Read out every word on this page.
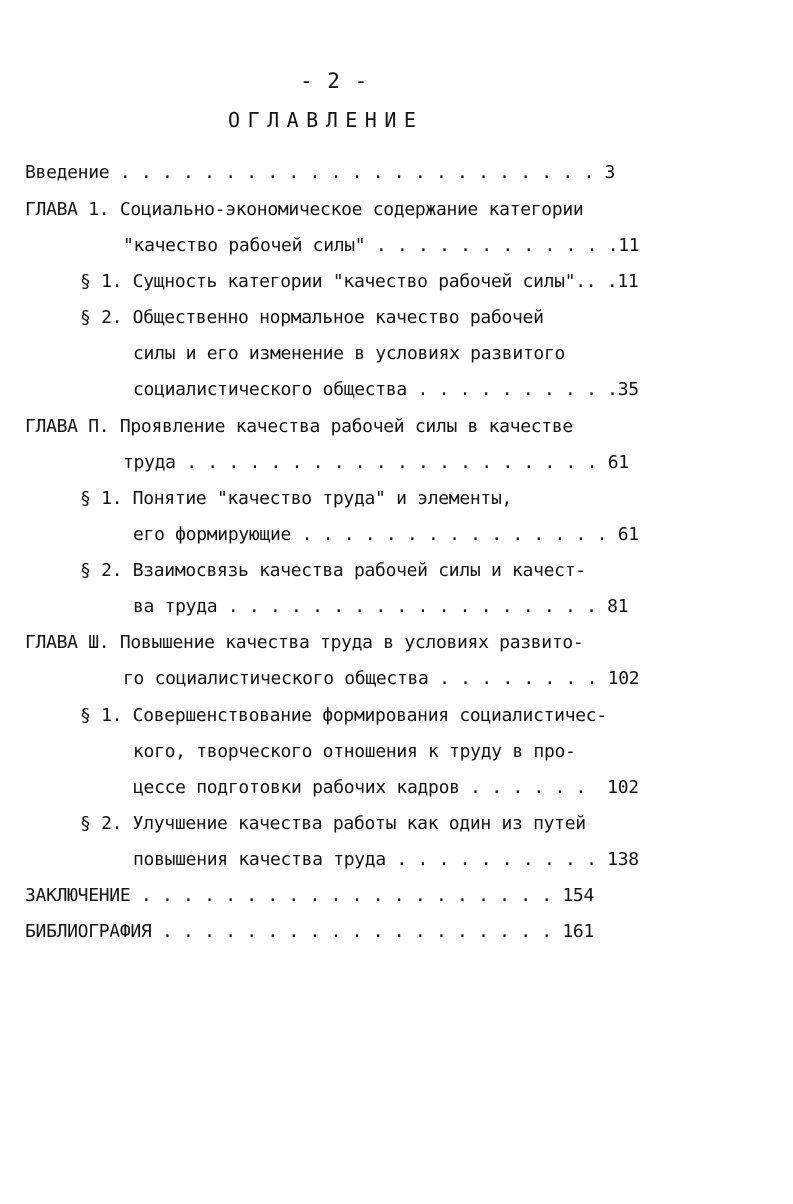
- 2 -
ОГЛАВЛЕНИЕ
Введение . . . . . . . . . . . . . . . . . . . . . . . 3
ГЛАВА 1. Социально-экономическое содержание категории
"качество рабочей силы" . . . . . . . . . . . .11
§ 1. Сущность категории "качество рабочей силы".. .11
§ 2. Общественно нормальное качество рабочей
силы и его изменение в условиях развитого
социалистического общества . . . . . . . . . .35
ГЛАВА П. Проявление качества рабочей силы в качестве
труда . . . . . . . . . . . . . . . . . . . . 61
§ 1. Понятие "качество труда" и элементы,
его формирующие . . . . . . . . . . . . . . . 61
§ 2. Взаимосвязь качества рабочей силы и качест-
ва труда . . . . . . . . . . . . . . . . . . 81
ГЛАВА Ш. Повышение качества труда в условиях развито-
го социалистического общества . . . . . . . . 102
§ 1. Совершенствование формирования социалистичес-
кого, творческого отношения к труду в про-
цессе подготовки рабочих кадров . . . . . .  102
§ 2. Улучшение качества работы как один из путей
повышения качества труда . . . . . . . . . . 138
ЗАКЛЮЧЕНИЕ . . . . . . . . . . . . . . . . . . . . 154
БИБЛИОГРАФИЯ . . . . . . . . . . . . . . . . . . . 161
